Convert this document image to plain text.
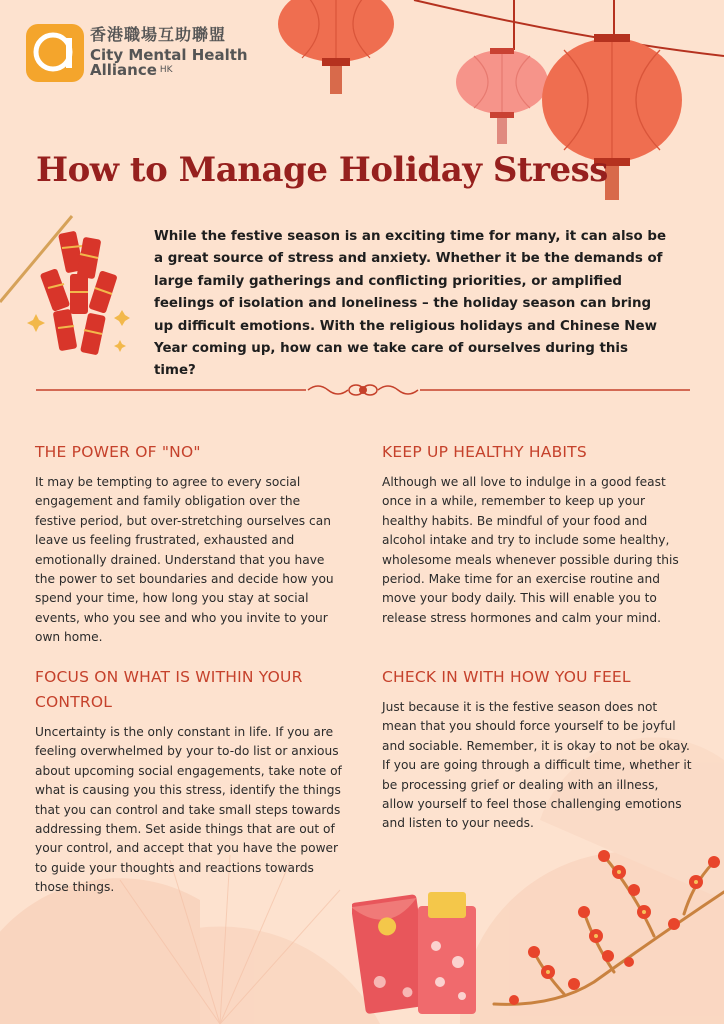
香港職場互助聯盟
City Mental Health
Alliance HK
How to Manage Holiday Stress

While the festive season is an exciting time for many, it can also be a great source of stress and anxiety. Whether it be the demands of large family gatherings and conflicting priorities, or amplified feelings of isolation and loneliness – the holiday season can bring up difficult emotions. With the religious holidays and Chinese New Year coming up, how can we take care of ourselves during this time?

THE POWER OF "NO"

It may be tempting to agree to every social engagement and family obligation over the festive period, but over-stretching ourselves can leave us feeling frustrated, exhausted and emotionally drained. Understand that you have the power to set boundaries and decide how you spend your time, how long you stay at social events, who you see and who you invite to your own home.

KEEP UP HEALTHY HABITS

Although we all love to indulge in a good feast once in a while, remember to keep up your healthy habits. Be mindful of your food and alcohol intake and try to include some healthy, wholesome meals whenever possible during this period. Make time for an exercise routine and move your body daily. This will enable you to release stress hormones and calm your mind.

FOCUS ON WHAT IS WITHIN YOUR CONTROL

Uncertainty is the only constant in life. If you are feeling overwhelmed by your to-do list or anxious about upcoming social engagements, take note of what is causing you this stress, identify the things that you can control and take small steps towards addressing them. Set aside things that are out of your control, and accept that you have the power to guide your thoughts and reactions towards those things.

CHECK IN WITH HOW YOU FEEL

Just because it is the festive season does not mean that you should force yourself to be joyful and sociable. Remember, it is okay to not be okay. If you are going through a difficult time, whether it be processing grief or dealing with an illness, allow yourself to feel those challenging emotions and listen to your needs.
